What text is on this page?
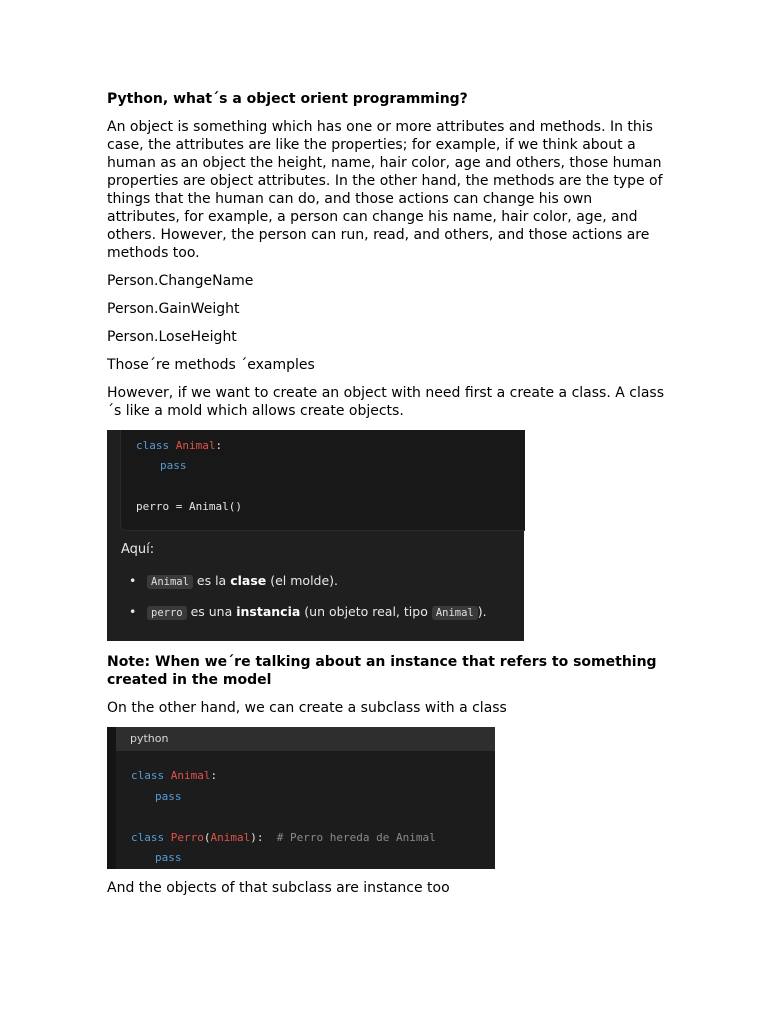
Python, what´s a object orient programming?

An object is something which has one or more attributes and methods. In this case, the attributes are like the properties; for example, if we think about a human as an object the height, name, hair color, age and others, those human properties are object attributes. In the other hand, the methods are the type of things that the human can do, and those actions can change his own attributes, for example, a person can change his name, hair color, age, and others. However, the person can run, read, and others, and those actions are methods too.

Person.ChangeName

Person.GainWeight

Person.LoseHeight

Those´re methods ´examples

However, if we want to create an object with need first a create a class. A class ´s like a mold which allows create objects.

class Animal:
pass
perro = Animal()
Aquí:
• Animal es la clase (el molde).
• perro es una instancia (un objeto real, tipo Animal ).

Note: When we´re talking about an instance that refers to something created in the model

On the other hand, we can create a subclass with a class

python
class Animal:
pass
class Perro(Animal):  # Perro hereda de Animal
pass

And the objects of that subclass are instance too
